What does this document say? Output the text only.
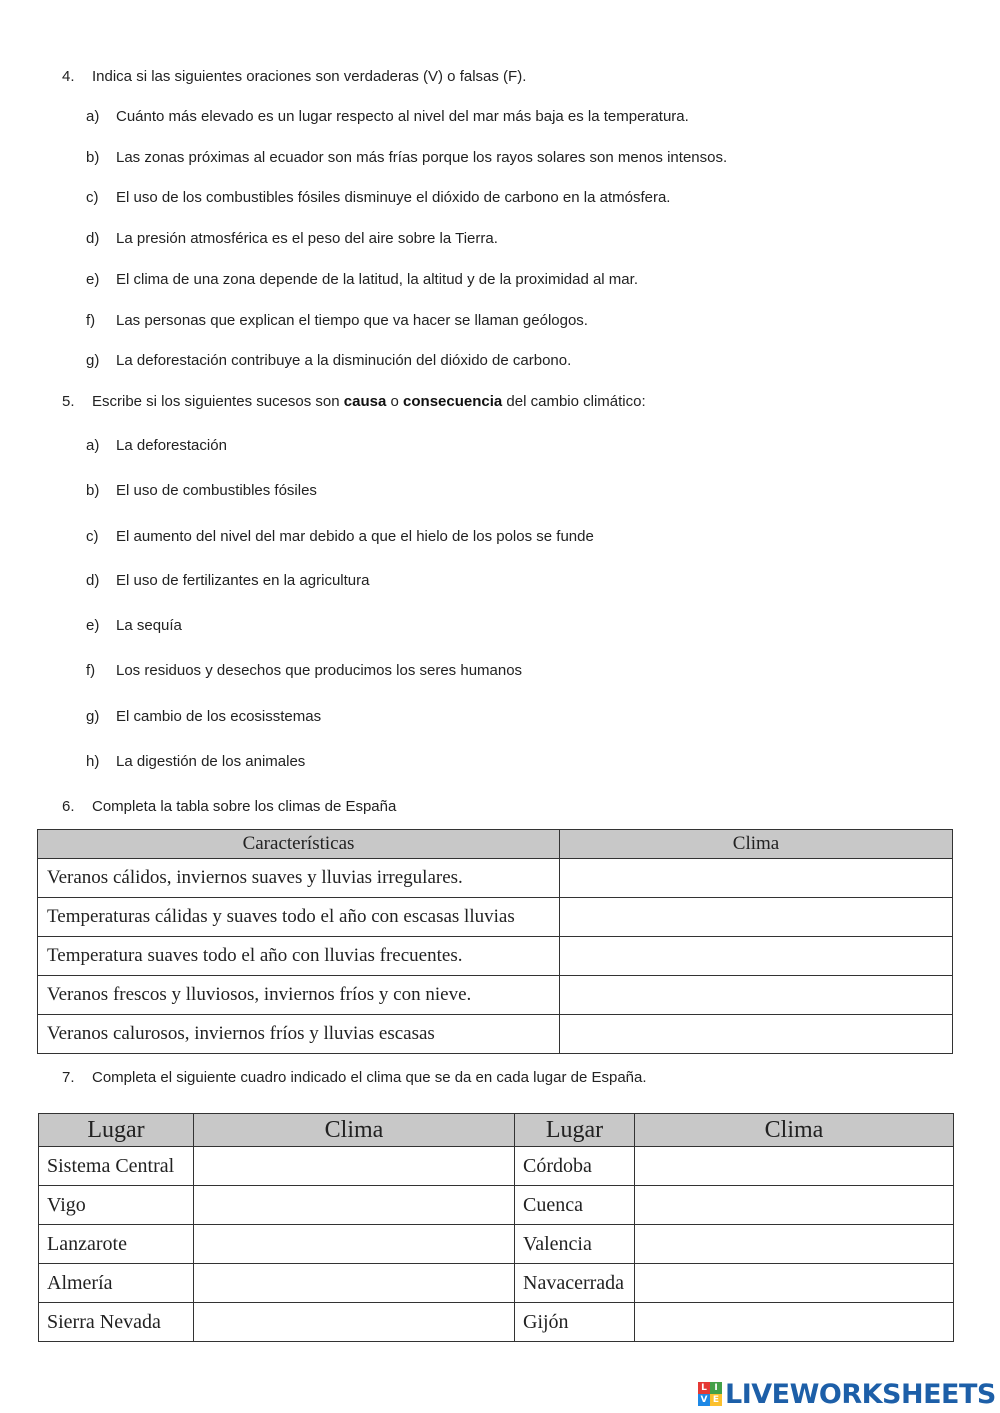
4. Indica si las siguientes oraciones son verdaderas (V) o falsas (F).
a) Cuánto más elevado es un lugar respecto al nivel del mar más baja es la temperatura.
b) Las zonas próximas al ecuador son más frías porque los rayos solares son menos intensos.
c) El uso de los combustibles fósiles disminuye el dióxido de carbono en la atmósfera.
d) La presión atmosférica es el peso del aire sobre la Tierra.
e) El clima de una zona depende de la latitud, la altitud y de la proximidad al mar.
f) Las personas que explican el tiempo que va hacer se llaman geólogos.
g) La deforestación contribuye a la disminución del dióxido de carbono.
5. Escribe si los siguientes sucesos son causa o consecuencia del cambio climático:
a) La deforestación
b) El uso de combustibles fósiles
c) El aumento del nivel del mar debido a que el hielo de los polos se funde
d) El uso de fertilizantes en la agricultura
e) La sequía
f) Los residuos y desechos que producimos los seres humanos
g) El cambio de los ecosisstemas
h) La digestión de los animales
6. Completa la tabla sobre los climas de España
Características	Clima
Veranos cálidos, inviernos suaves y lluvias irregulares.	
Temperaturas cálidas y suaves todo el año con escasas lluvias	
Temperatura suaves todo el año con lluvias frecuentes.	
Veranos frescos y lluviosos, inviernos fríos y con nieve.	
Veranos calurosos, inviernos fríos y lluvias escasas	
7. Completa el siguiente cuadro indicado el clima que se da en cada lugar de España.
Lugar	Clima	Lugar	Clima
Sistema Central		Córdoba	
Vigo		Cuenca	
Lanzarote		Valencia	
Almería		Navacerrada	
Sierra Nevada		Gijón	
L I
V E LIVEWORKSHEETS
